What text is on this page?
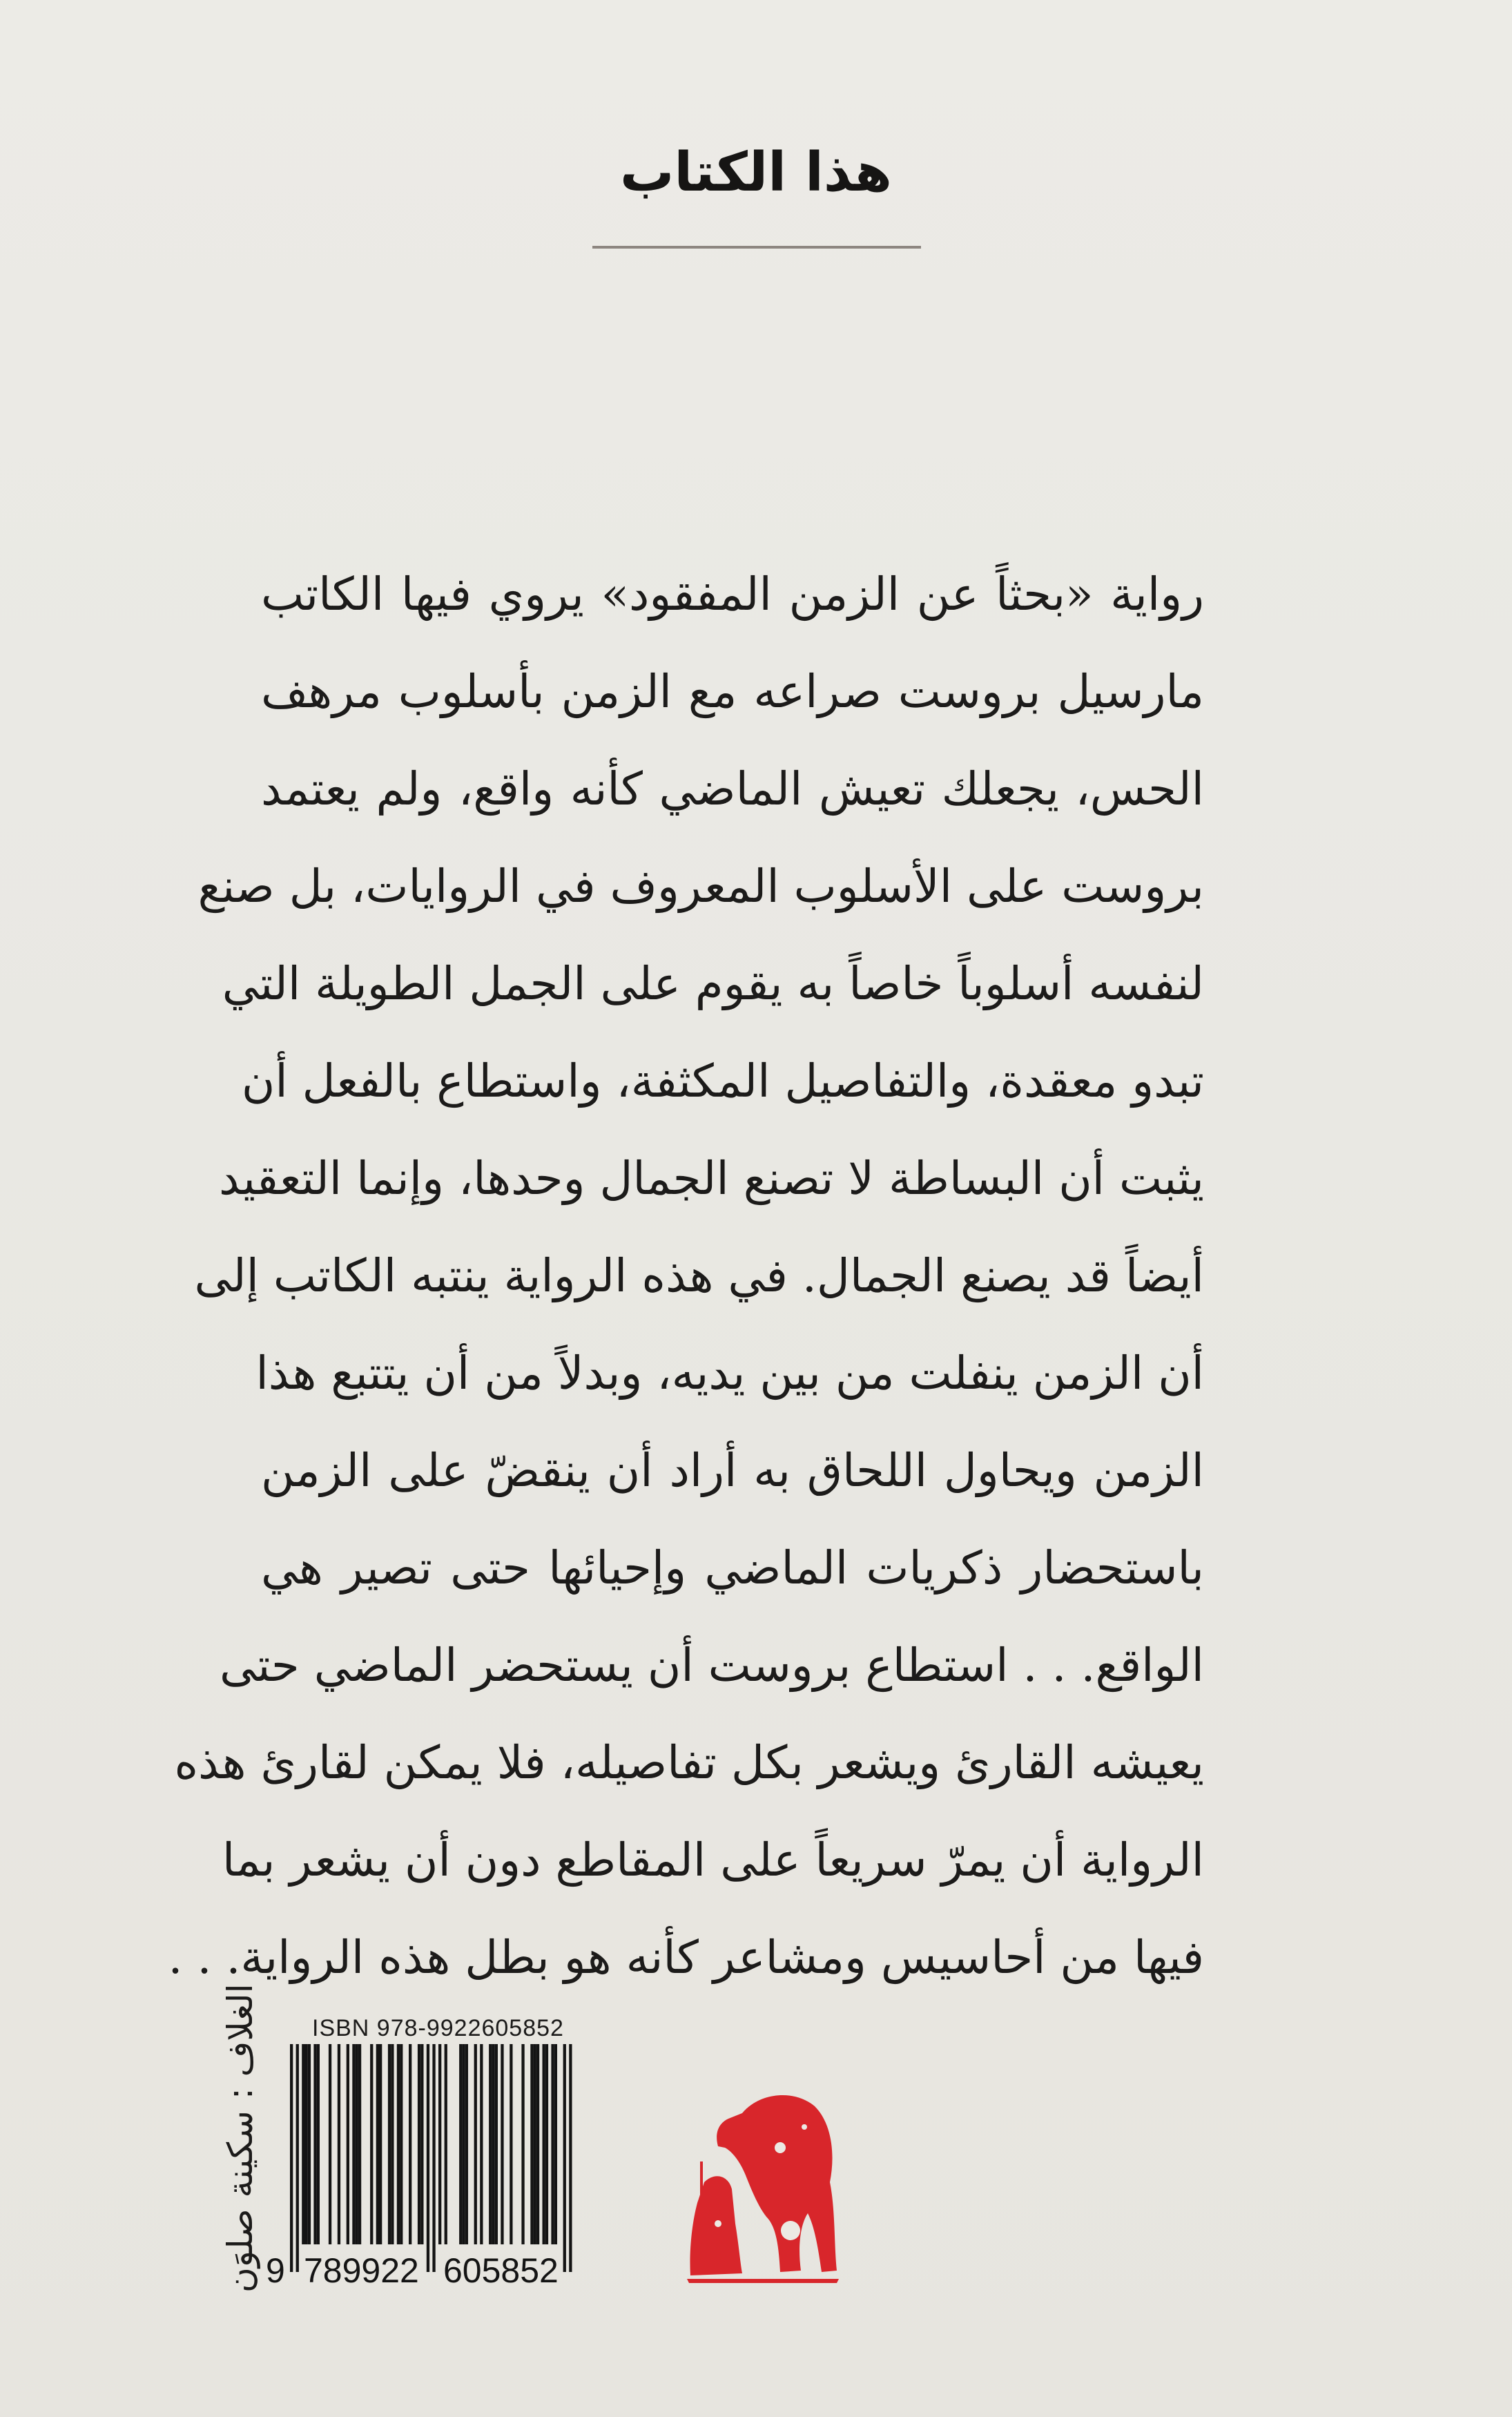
هذا الكتاب
رواية «بحثاً عن الزمن المفقود» يروي فيها الكاتب
مارسيل بروست صراعه مع الزمن بأسلوب مرهف
الحس، يجعلك تعيش الماضي كأنه واقع، ولم يعتمد
بروست على الأسلوب المعروف في الروايات، بل صنع
لنفسه أسلوباً خاصاً به يقوم على الجمل الطويلة التي
تبدو معقدة، والتفاصيل المكثفة، واستطاع بالفعل أن
يثبت أن البساطة لا تصنع الجمال وحدها، وإنما التعقيد
أيضاً قد يصنع الجمال. في هذه الرواية ينتبه الكاتب إلى
أن الزمن ينفلت من بين يديه، وبدلاً من أن يتتبع هذا
الزمن ويحاول اللحاق به أراد أن ينقضّ على الزمن
باستحضار ذكريات الماضي وإحيائها حتى تصير هي
الواقع. . . استطاع بروست أن يستحضر الماضي حتى
يعيشه القارئ ويشعر بكل تفاصيله، فلا يمكن لقارئ هذه
الرواية أن يمرّ سريعاً على المقاطع دون أن يشعر بما
فيها من أحاسيس ومشاعر كأنه هو بطل هذه الرواية. . .
الغلاف : سكينة صلوَن ISBN 978-9922605852
9 789922 605852
